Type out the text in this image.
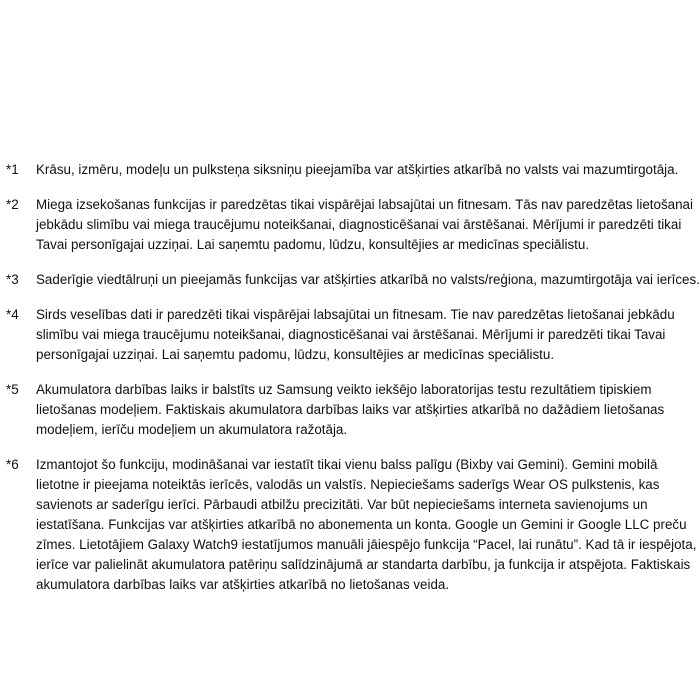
*1	Krāsu, izmēru, modeļu un pulksteņa siksniņu pieejamība var atšķirties atkarībā no valsts vai mazumtirgotāja.
*2	Miega izsekošanas funkcijas ir paredzētas tikai vispārējai labsajūtai un fitnesam. Tās nav paredzētas lietošanai
jebkādu slimību vai miega traucējumu noteikšanai, diagnosticēšanai vai ārstēšanai. Mērījumi ir paredzēti tikai
Tavai personīgajai uzziņai. Lai saņemtu padomu, lūdzu, konsultējies ar medicīnas speciālistu.
*3	Saderīgie viedtālruņi un pieejamās funkcijas var atšķirties atkarībā no valsts/reģiona, mazumtirgotāja vai ierīces.
*4	Sirds veselības dati ir paredzēti tikai vispārējai labsajūtai un fitnesam. Tie nav paredzētas lietošanai jebkādu
slimību vai miega traucējumu noteikšanai, diagnosticēšanai vai ārstēšanai. Mērījumi ir paredzēti tikai Tavai
personīgajai uzziņai. Lai saņemtu padomu, lūdzu, konsultējies ar medicīnas speciālistu.
*5	Akumulatora darbības laiks ir balstīts uz Samsung veikto iekšējo laboratorijas testu rezultātiem tipiskiem
lietošanas modeļiem. Faktiskais akumulatora darbības laiks var atšķirties atkarībā no dažādiem lietošanas
modeļiem, ierīču modeļiem un akumulatora ražotāja.
*6	Izmantojot šo funkciju, modināšanai var iestatīt tikai vienu balss palīgu (Bixby vai Gemini). Gemini mobilā
lietotne ir pieejama noteiktās ierīcēs, valodās un valstīs. Nepieciešams saderīgs Wear OS pulkstenis, kas
savienots ar saderīgu ierīci. Pārbaudi atbilžu precizitāti. Var būt nepieciešams interneta savienojums un
iestatīšana. Funkcijas var atšķirties atkarībā no abonementa un konta. Google un Gemini ir Google LLC preču
zīmes. Lietotājiem Galaxy Watch9 iestatījumos manuāli jāiespējo funkcija “Pacel, lai runātu”. Kad tā ir iespējota,
ierīce var palielināt akumulatora patēriņu salīdzinājumā ar standarta darbību, ja funkcija ir atspējota. Faktiskais
akumulatora darbības laiks var atšķirties atkarībā no lietošanas veida.
